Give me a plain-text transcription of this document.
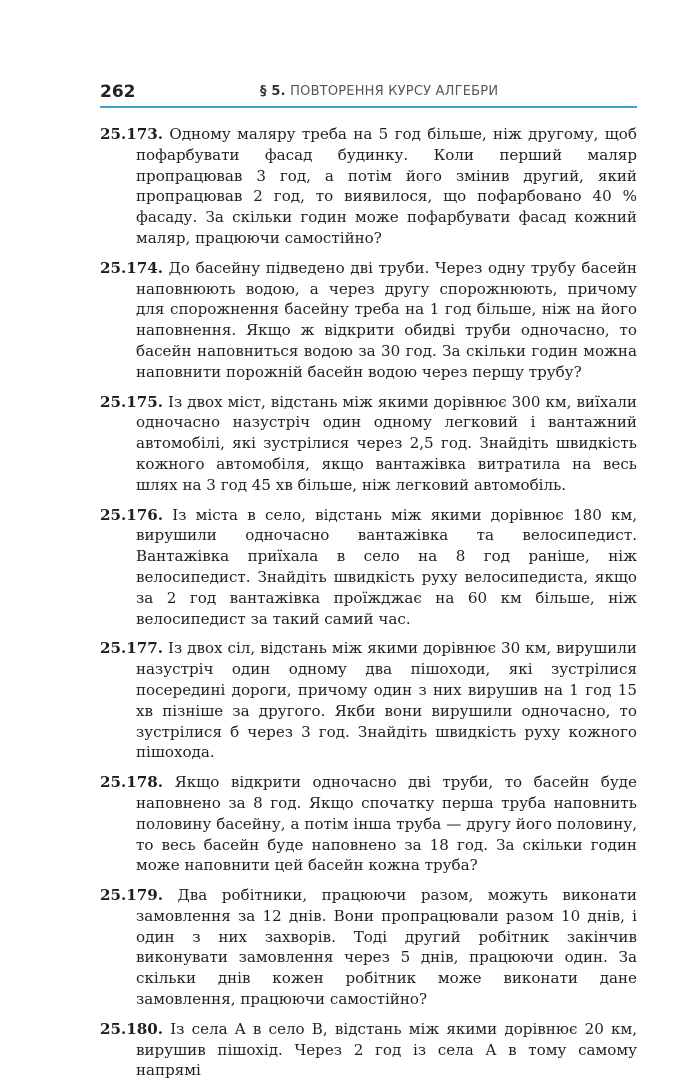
262	§ 5. ПОВТОРЕННЯ КУРСУ АЛГЕБРИ

25.173. Одному маляру треба на 5 год більше, ніж другому, щоб пофарбувати фасад будинку. Коли перший маляр пропрацював 3 год, а потім його змінив другий, який пропрацював 2 год, то виявилося, що пофарбовано 40 % фасаду. За скільки годин може пофарбувати фасад кожний маляр, працюючи самостійно?

25.174. До басейну підведено дві труби. Через одну трубу басейн наповнюють водою, а через другу спорожнюють, причому для спорожнення басейну треба на 1 год більше, ніж на його наповнення. Якщо ж відкрити обидві труби одночасно, то басейн наповниться водою за 30 год. За скільки годин можна наповнити порожній басейн водою через першу трубу?

25.175. Із двох міст, відстань між якими дорівнює 300 км, виїхали одночасно назустріч один одному легковий і вантажний автомобілі, які зустрілися через 2,5 год. Знайдіть швидкість кожного автомобіля, якщо вантажівка витратила на весь шлях на 3 год 45 хв більше, ніж легковий автомобіль.

25.176. Із міста в село, відстань між якими дорівнює 180 км, вирушили одночасно вантажівка та велосипедист. Вантажівка приїхала в село на 8 год раніше, ніж велосипедист. Знайдіть швидкість руху велосипедиста, якщо за 2 год вантажівка проїжджає на 60 км більше, ніж велосипедист за такий самий час.

25.177. Із двох сіл, відстань між якими дорівнює 30 км, вирушили назустріч один одному два пішоходи, які зустрілися посередині дороги, причому один з них вирушив на 1 год 15 хв пізніше за другого. Якби вони вирушили одночасно, то зустрілися б через 3 год. Знайдіть швидкість руху кожного пішохода.

25.178. Якщо відкрити одночасно дві труби, то басейн буде наповнено за 8 год. Якщо спочатку перша труба наповнить половину басейну, а потім інша труба — другу його половину, то весь басейн буде наповнено за 18 год. За скільки годин може наповнити цей басейн кожна труба?

25.179. Два робітники, працюючи разом, можуть виконати замовлення за 12 днів. Вони пропрацювали разом 10 днів, і один з них захворів. Тоді другий робітник закінчив виконувати замовлення через 5 днів, працюючи один. За скільки днів кожен робітник може виконати дане замовлення, працюючи самостійно?

25.180. Із села A в село B, відстань між якими дорівнює 20 км, вирушив пішохід. Через 2 год із села A в тому самому напрямі
